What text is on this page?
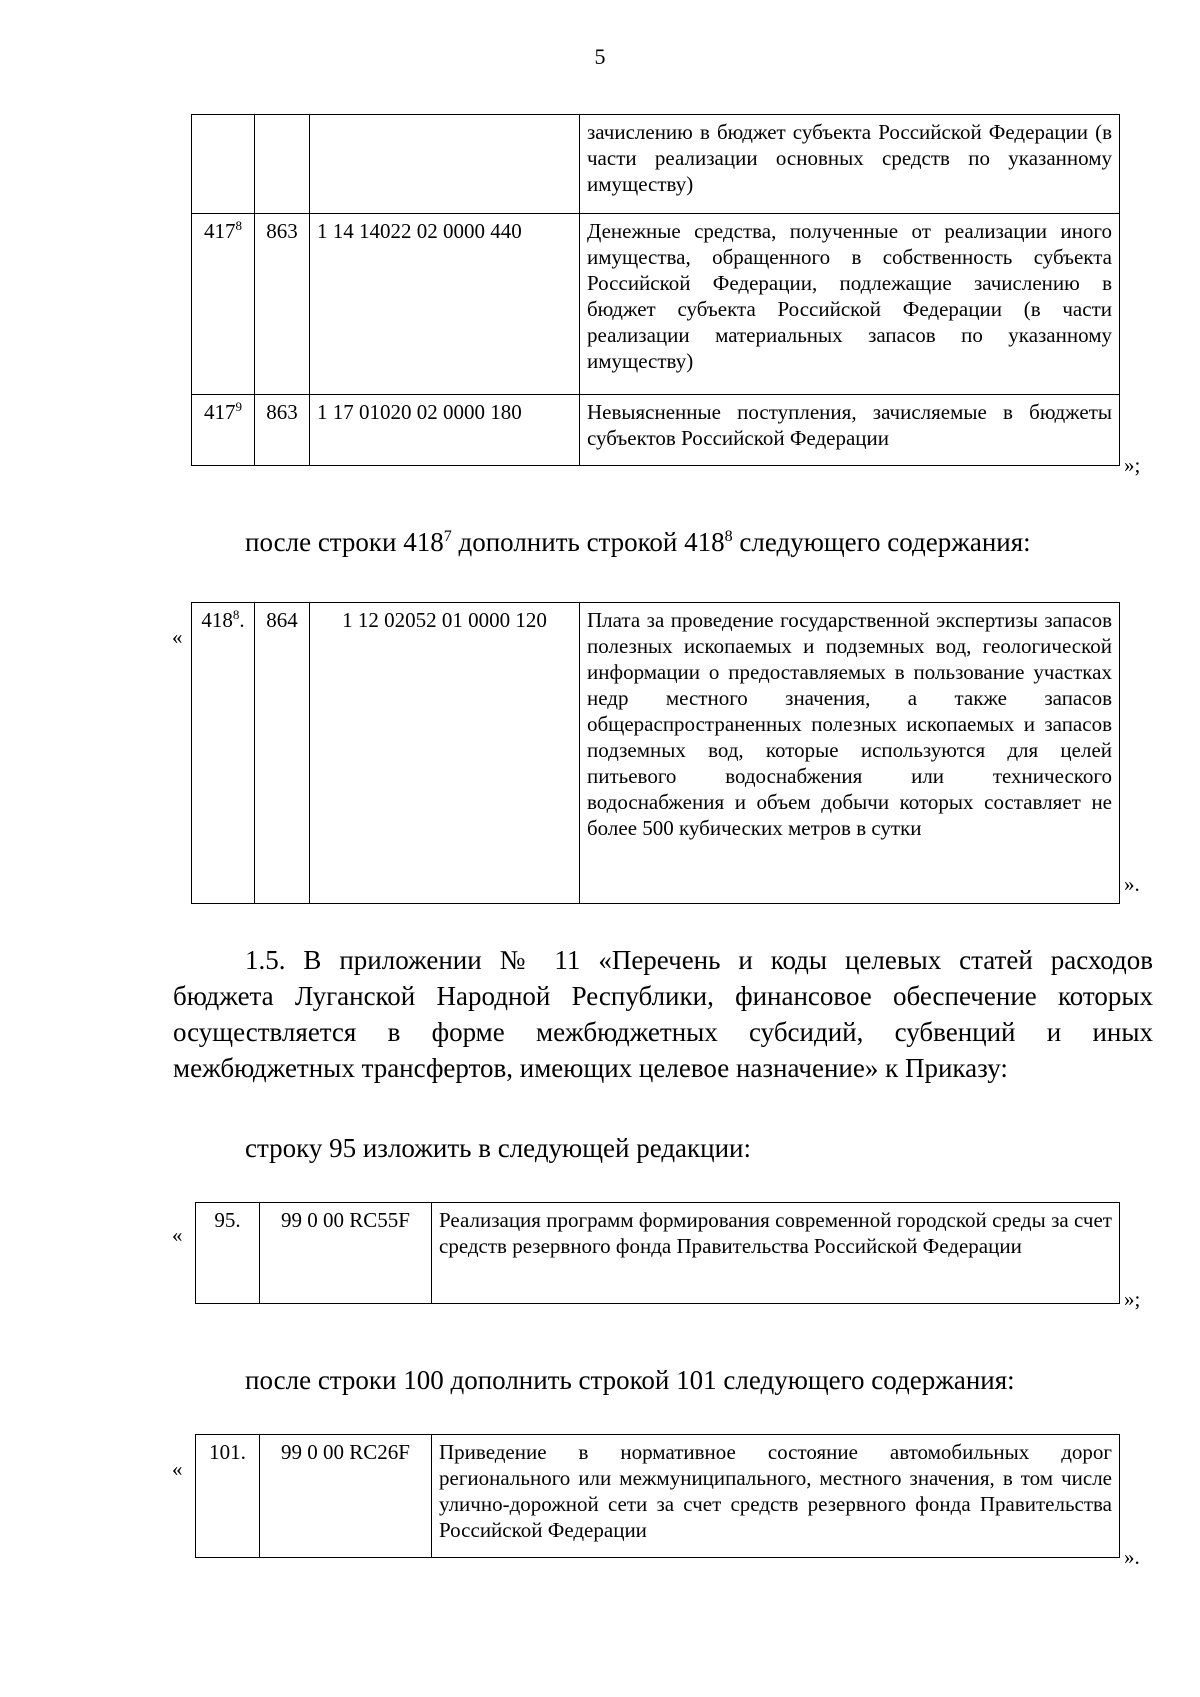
5
			зачислению в бюджет субъекта Российской Федерации (в части реализации основных средств по указанному имуществу)
$417^8$	863	1 14 14022 02 0000 440	Денежные средства, полученные от реализации иного имущества, обращенного в собственность субъекта Российской Федерации, подлежащие зачислению в бюджет субъекта Российской Федерации (в части реализации материальных запасов по указанному имуществу)
$417^9$	863	1 17 01020 02 0000 180	Невыясненные поступления, зачисляемые в бюджеты субъектов Российской Федерации
»;

после строки $418^7$ дополнить строкой $418^8$ следующего содержания:

«
$418^8$.	864	1 12 02052 01 0000 120	Плата за проведение государственной экспертизы запасов полезных ископаемых и подземных вод, геологической информации о предоставляемых в пользование участках недр местного значения, а также запасов общераспространенных полезных ископаемых и запасов подземных вод, которые используются для целей питьевого водоснабжения или технического водоснабжения и объем добычи которых составляет не более 500 кубических метров в сутки
».
1.5. В приложении № 11 «Перечень и коды целевых статей расходов
бюджета Луганской Народной Республики, финансовое обеспечение которых
осуществляется в форме межбюджетных субсидий, субвенций и иных
межбюджетных трансфертов, имеющих целевое назначение» к Приказу:

строку 95 изложить в следующей редакции:

«
95.	99 0 00 RC55F	Реализация программ формирования современной городской среды за счет средств резервного фонда Правительства Российской Федерации
»;

после строки 100 дополнить строкой 101 следующего содержания:

«
101.	99 0 00 RC26F	Приведение в нормативное состояние автомобильных дорог регионального или межмуниципального, местного значения, в том числе улично-дорожной сети за счет средств резервного фонда Правительства Российской Федерации
».
